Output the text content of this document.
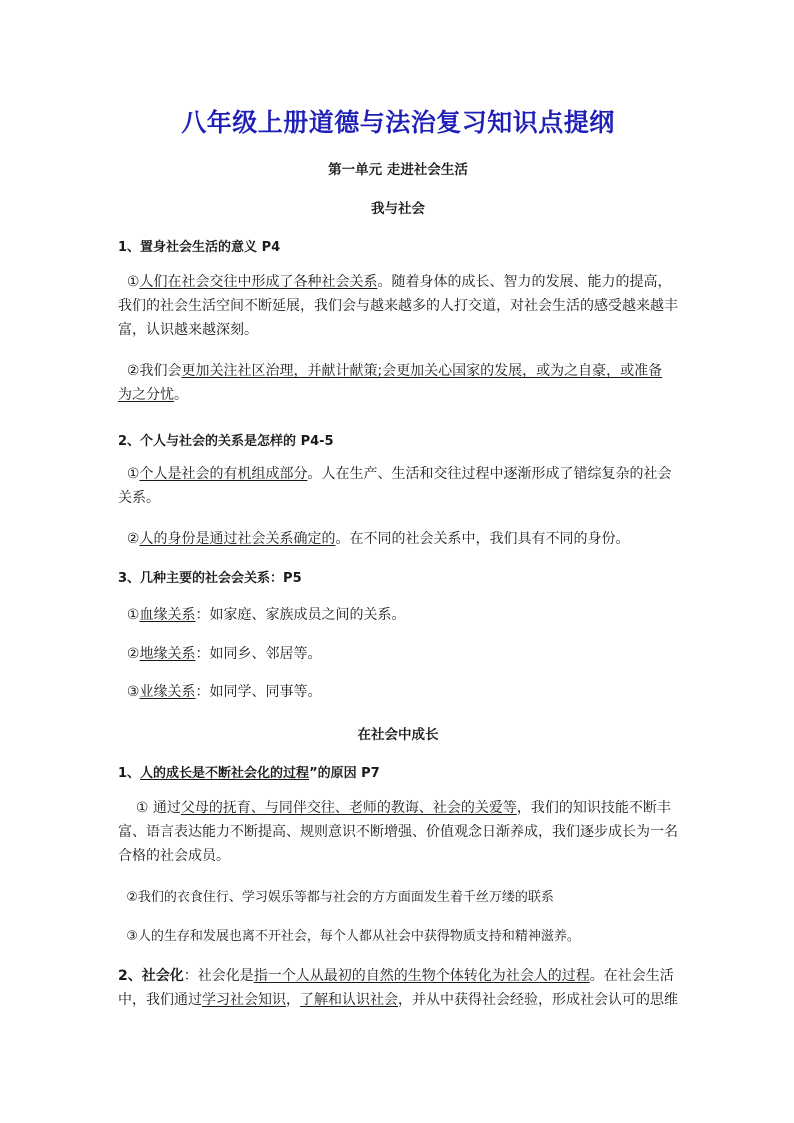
八年级上册道德与法治复习知识点提纲
第一单元 走进社会生活
我与社会
1、置身社会生活的意义 P4
①人们在社会交往中形成了各种社会关系。随着身体的成长、智力的发展、能力的提高，
我们的社会生活空间不断延展，我们会与越来越多的人打交道，对社会生活的感受越来越丰
富，认识越来越深刻。
②我们会更加关注社区治理，并献计献策;会更加关心国家的发展，或为之自豪，或准备
为之分忧。
2、个人与社会的关系是怎样的 P4-5
①个人是社会的有机组成部分。人在生产、生活和交往过程中逐渐形成了错综复杂的社会
关系。
②人的身份是通过社会关系确定的。在不同的社会关系中，我们具有不同的身份。
3、几种主要的社会会关系：P5
①血缘关系：如家庭、家族成员之间的关系。
②地缘关系：如同乡、邻居等。
③业缘关系：如同学、同事等。
在社会中成长
1、人的成长是不断社会化的过程”的原因 P7
① 通过父母的抚育、与同伴交往、老师的教诲、社会的关爱等，我们的知识技能不断丰
富、语言表达能力不断提高、规则意识不断增强、价值观念日渐养成，我们逐步成长为一名
合格的社会成员。
②我们的衣食住行、学习娱乐等都与社会的方方面面发生着千丝万缕的联系
③人的生存和发展也离不开社会，每个人都从社会中获得物质支持和精神滋养。
2、社会化：社会化是指一个人从最初的自然的生物个体转化为社会人的过程。在社会生活
中，我们通过学习社会知识，了解和认识社会，并从中获得社会经验，形成社会认可的思维
